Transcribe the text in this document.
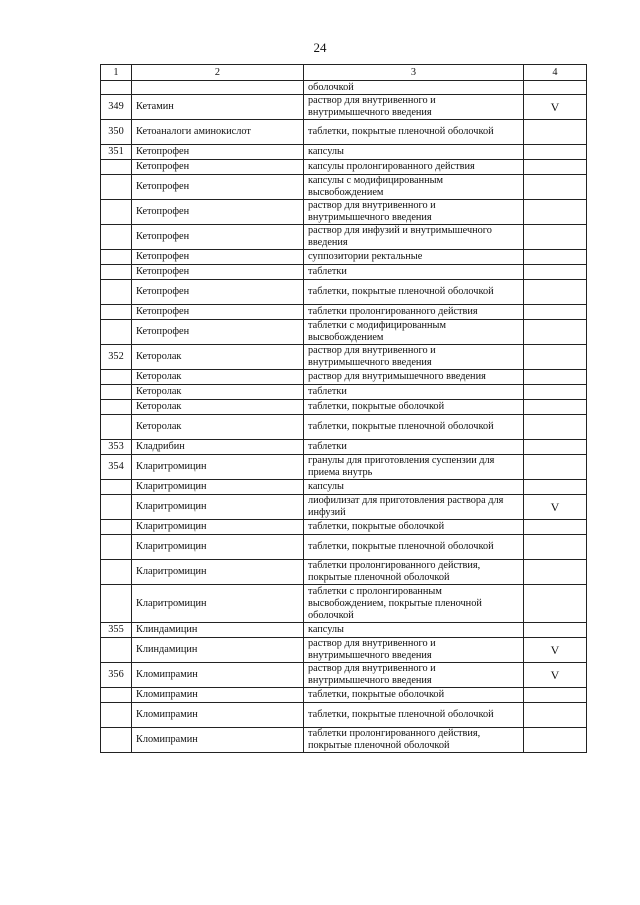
24
1	2	3	4
		оболочкой	
349	Кетамин	раствор для внутривенного и внутримышечного введения	V
350	Кетоаналоги аминокислот	таблетки, покрытые пленочной оболочкой	
351	Кетопрофен	капсулы	
	Кетопрофен	капсулы пролонгированного действия	
	Кетопрофен	капсулы с модифицированным высвобождением	
	Кетопрофен	раствор для внутривенного и внутримышечного введения	
	Кетопрофен	раствор для инфузий и внутримышечного введения	
	Кетопрофен	суппозитории ректальные	
	Кетопрофен	таблетки	
	Кетопрофен	таблетки, покрытые пленочной оболочкой	
	Кетопрофен	таблетки пролонгированного действия	
	Кетопрофен	таблетки с модифицированным высвобождением	
352	Кеторолак	раствор для внутривенного и внутримышечного введения	
	Кеторолак	раствор для внутримышечного введения	
	Кеторолак	таблетки	
	Кеторолак	таблетки, покрытые оболочкой	
	Кеторолак	таблетки, покрытые пленочной оболочкой	
353	Кладрибин	таблетки	
354	Кларитромицин	гранулы для приготовления суспензии для приема внутрь	
	Кларитромицин	капсулы	
	Кларитромицин	лиофилизат для приготовления раствора для инфузий	V
	Кларитромицин	таблетки, покрытые оболочкой	
	Кларитромицин	таблетки, покрытые пленочной оболочкой	
	Кларитромицин	таблетки пролонгированного действия, покрытые пленочной оболочкой	
	Кларитромицин	таблетки с пролонгированным высвобождением, покрытые пленочной оболочкой	
355	Клиндамицин	капсулы	
	Клиндамицин	раствор для внутривенного и внутримышечного введения	V
356	Кломипрамин	раствор для внутривенного и внутримышечного введения	V
	Кломипрамин	таблетки, покрытые оболочкой	
	Кломипрамин	таблетки, покрытые пленочной оболочкой	
	Кломипрамин	таблетки пролонгированного действия, покрытые пленочной оболочкой	
